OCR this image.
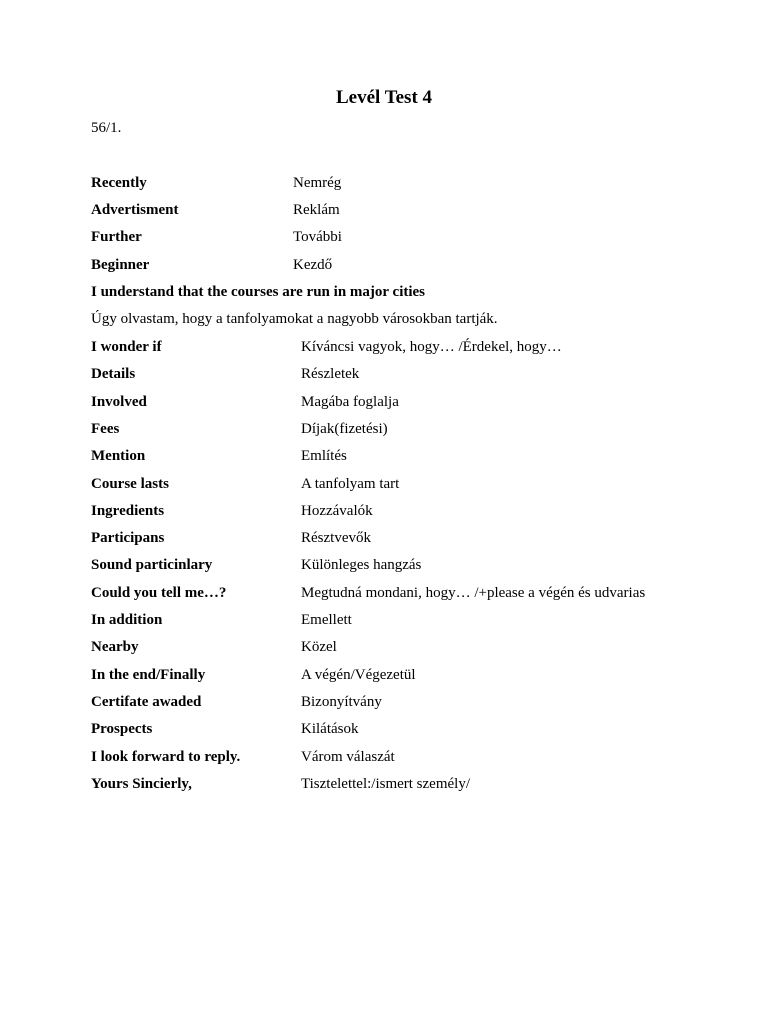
Levél Test 4
56/1.
Recently	Nemrég
Advertisment	Reklám
Further	További
Beginner	Kezdő
I understand that the courses are run in major cities
Úgy olvastam, hogy a tanfolyamokat a nagyobb városokban tartják.
I wonder if	Kíváncsi vagyok, hogy… /Érdekel, hogy…
Details	Részletek
Involved	Magába foglalja
Fees	Díjak(fizetési)
Mention	Említés
Course lasts	A tanfolyam tart
Ingredients	Hozzávalók
Participans	Résztvevők
Sound particinlary	Különleges hangzás
Could you tell me…?	Megtudná mondani, hogy… /+please a végén és udvarias
In addition	Emellett
Nearby	Közel
In the end/Finally	A végén/Végezetül
Certifate awaded	Bizonyítvány
Prospects	Kilátások
I look forward to reply.	Várom válaszát
Yours Sincierly,	Tisztelettel:/ismert személy/
